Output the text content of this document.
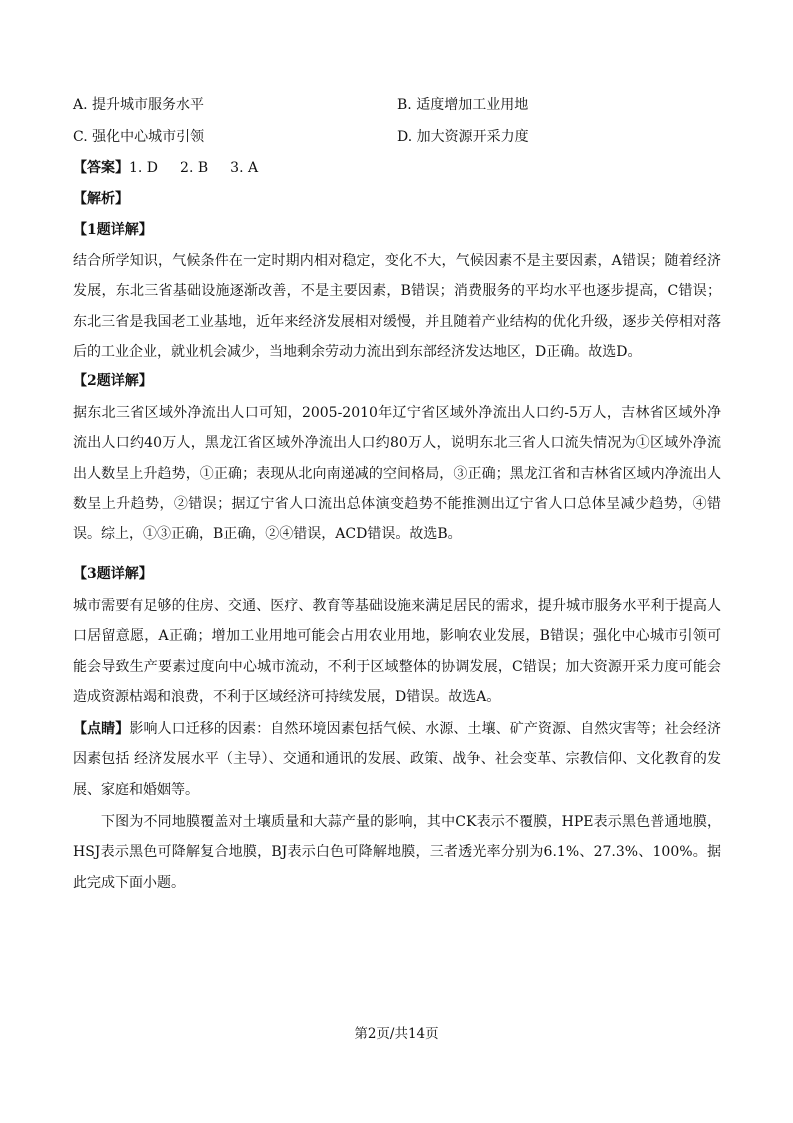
A. 提升城市服务水平	B. 适度增加工业用地
C. 强化中心城市引领	D. 加大资源开采力度
【答案】1. D 2. B 3. A
【解析】
【1题详解】
结合所学知识，气候条件在一定时期内相对稳定，变化不大，气候因素不是主要因素，A错误；随着经济发展，东北三省基础设施逐渐改善，不是主要因素，B错误；消费服务的平均水平也逐步提高，C错误；东北三省是我国老工业基地，近年来经济发展相对缓慢，并且随着产业结构的优化升级，逐步关停相对落后的工业企业，就业机会减少，当地剩余劳动力流出到东部经济发达地区，D正确。故选D。
【2题详解】
据东北三省区域外净流出人口可知，2005-2010年辽宁省区域外净流出人口约-5万人，吉林省区域外净流出人口约40万人，黑龙江省区域外净流出人口约80万人，说明东北三省人口流失情况为①区域外净流出人数呈上升趋势，①正确；表现从北向南递减的空间格局，③正确；黑龙江省和吉林省区域内净流出人数呈上升趋势，②错误；据辽宁省人口流出总体演变趋势不能推测出辽宁省人口总体呈减少趋势，④错误。综上，①③正确，B正确，②④错误，ACD错误。故选B。
【3题详解】
城市需要有足够的住房、交通、医疗、教育等基础设施来满足居民的需求，提升城市服务水平利于提高人口居留意愿，A正确；增加工业用地可能会占用农业用地，影响农业发展，B错误；强化中心城市引领可能会导致生产要素过度向中心城市流动，不利于区域整体的协调发展，C错误；加大资源开采力度可能会造成资源枯竭和浪费，不利于区域经济可持续发展，D错误。故选A。
【点睛】影响人口迁移的因素：自然环境因素包括气候、水源、土壤、矿产资源、自然灾害等；社会经济因素包括 经济发展水平（主导）、交通和通讯的发展、政策、战争、社会变革、宗教信仰、文化教育的发展、家庭和婚姻等。
下图为不同地膜覆盖对土壤质量和大蒜产量的影响，其中CK表示不覆膜，HPE表示黑色普通地膜，HSJ表示黑色可降解复合地膜，BJ表示白色可降解地膜，三者透光率分别为6.1%、27.3%、100%。据此完成下面小题。
第2页/共14页
